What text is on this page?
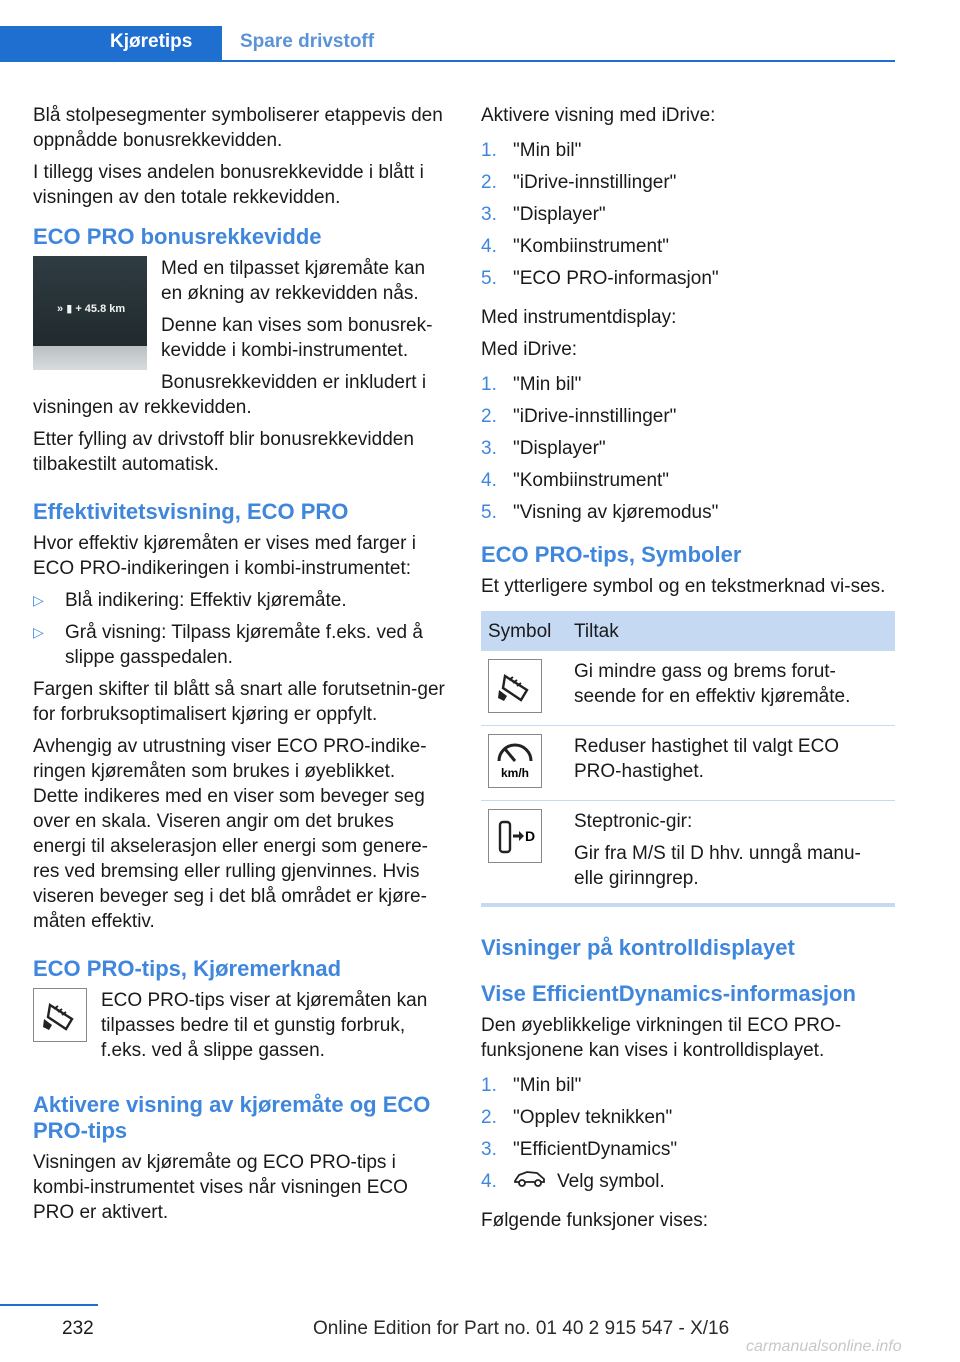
Kjøretips	Spare drivstoff

Blå stolpesegmenter symboliserer etappevis den oppnådde bonusrekkevidden.

I tillegg vises andelen bonusrekkevidde i blått i visningen av den totale rekkevidden.

ECO PRO bonusrekkevidde
» ▮ + 45.8 km

Med en tilpasset kjøremåte kan en økning av rekkevidden nås.

Denne kan vises som bonusrek-kevidde i kombi-instrumentet.

Bonusrekkevidden er inkludert i visningen av rekkevidden.

Etter fylling av drivstoff blir bonusrekkevidden tilbakestilt automatisk.

Effektivitetsvisning, ECO PRO

Hvor effektiv kjøremåten er vises med farger i ECO PRO-indikeringen i kombi-instrumentet:

▷ Blå indikering: Effektiv kjøremåte.
▷ Grå visning: Tilpass kjøremåte f.eks. ved å slippe gasspedalen.

Fargen skifter til blått så snart alle forutsetnin-ger for forbruksoptimalisert kjøring er oppfylt.

Avhengig av utrustning viser ECO PRO-indike-ringen kjøremåten som brukes i øyeblikket. Dette indikeres med en viser som beveger seg over en skala. Viseren angir om det brukes energi til akselerasjon eller energi som genere-res ved bremsing eller rulling gjenvinnes. Hvis viseren beveger seg i det blå området er kjøre-måten effektiv.

ECO PRO-tips, Kjøremerknad

ECO PRO-tips viser at kjøremåten kan tilpasses bedre til et gunstig forbruk, f.eks. ved å slippe gassen.

Aktivere visning av kjøremåte og ECO PRO-tips

Visningen av kjøremåte og ECO PRO-tips i kombi-instrumentet vises når visningen ECO PRO er aktivert.

Aktivere visning med iDrive:

1. "Min bil"
2. "iDrive-innstillinger"
3. "Displayer"
4. "Kombiinstrument"
5. "ECO PRO-informasjon"

Med instrumentdisplay:

Med iDrive:

1. "Min bil"
2. "iDrive-innstillinger"
3. "Displayer"
4. "Kombiinstrument"
5. "Visning av kjøremodus"
ECO PRO-tips, Symboler

Et ytterligere symbol og en tekstmerknad vi-ses.

Symbol	Tiltak

	Gi mindre gass og brems forut-seende for en effektiv kjøremåte.

km/h	Reduser hastighet til valgt ECO PRO-hastighet.

D	Steptronic-gir:

Gir fra M/S til D hhv. unngå manu-elle girinngrep.

Visninger på kontrolldisplayet
Vise EfficientDynamics-informasjon

Den øyeblikkelige virkningen til ECO PRO-funksjonene kan vises i kontrolldisplayet.

1. "Min bil"
2. "Opplev teknikken"
3. "EfficientDynamics"
4.	Velg symbol.

Følgende funksjoner vises:

232	Online Edition for Part no. 01 40 2 915 547 - X/16
carmanualsonline.info
